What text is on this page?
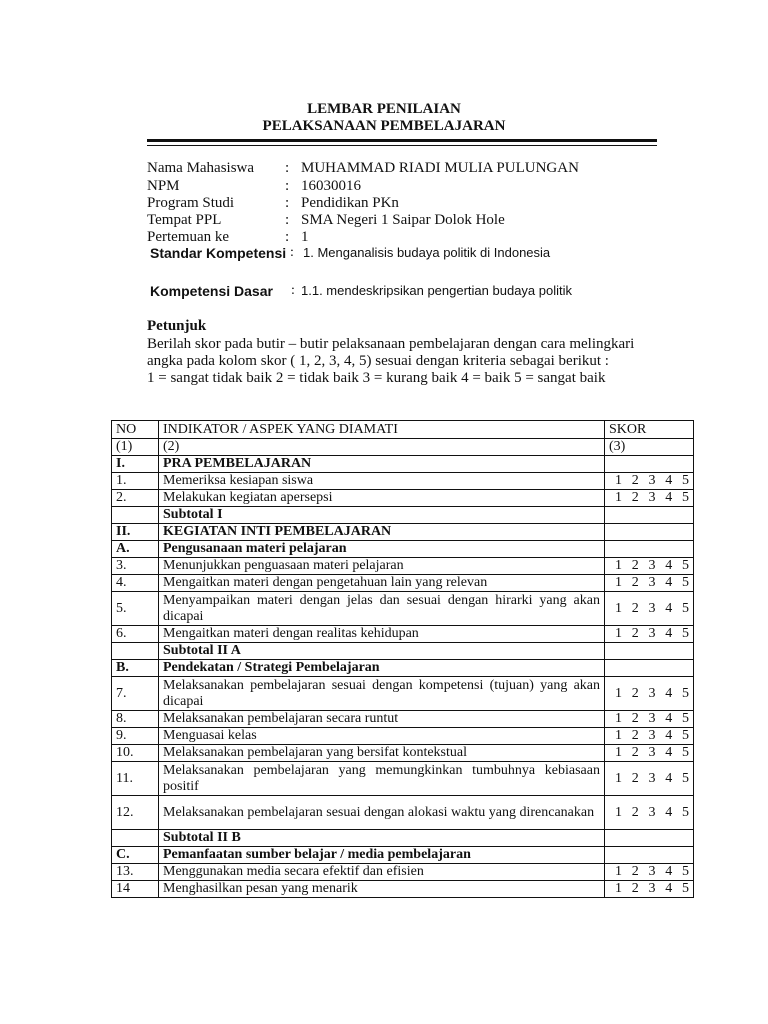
LEMBAR PENILAIAN
PELAKSANAAN PEMBELAJARAN
Nama Mahasiswa : MUHAMMAD RIADI MULIA PULUNGAN
NPM	: 16030016
Program Studi	: Pendidikan PKn
Tempat PPL	: SMA Negeri 1 Saipar Dolok Hole
Pertemuan ke	: 1
Standar Kompetensi : 1. Menganalisis budaya politik di Indonesia
Kompetensi Dasar : 1.1. mendeskripsikan pengertian budaya politik
Petunjuk
Berilah skor pada butir – butir pelaksanaan pembelajaran dengan cara melingkari
angka pada kolom skor ( 1, 2, 3, 4, 5) sesuai dengan kriteria sebagai berikut :
1 = sangat tidak baik 2 = tidak baik 3 = kurang baik 4 = baik 5 = sangat baik
NO	INDIKATOR / ASPEK YANG DIAMATI	SKOR
(1)	(2)	(3)
I.	PRA PEMBELAJARAN	
1.	Memeriksa kesiapan siswa	1 2 3 4 5

2.	Melakukan kegiatan apersepsi	1 2 3 4 5

	Subtotal I	
II.	KEGIATAN INTI PEMBELAJARAN	
A.	Pengusanaan materi pelajaran	
3.	Menunjukkan penguasaan materi pelajaran	1 2 3 4 5

4.	Mengaitkan materi dengan pengetahuan lain yang relevan	1 2 3 4 5

5.	Menyampaikan materi dengan jelas dan sesuai dengan hirarki yang akan dicapai	1 2 3 4 5

6.	Mengaitkan materi dengan realitas kehidupan	1 2 3 4 5

	Subtotal II A	
B.	Pendekatan / Strategi Pembelajaran	
7.	Melaksanakan pembelajaran sesuai dengan kompetensi (tujuan) yang akan dicapai	1 2 3 4 5

8.	Melaksanakan pembelajaran secara runtut	1 2 3 4 5

9.	Menguasai kelas	1 2 3 4 5

10.	Melaksanakan pembelajaran yang bersifat kontekstual	1 2 3 4 5

11.	Melaksanakan pembelajaran yang memungkinkan tumbuhnya kebiasaan positif	1 2 3 4 5

12.	Melaksanakan pembelajaran sesuai dengan alokasi waktu yang direncanakan	1 2 3 4 5

	Subtotal II B	
C.	Pemanfaatan sumber belajar / media pembelajaran	
13.	Menggunakan media secara efektif dan efisien	1 2 3 4 5

14	Menghasilkan pesan yang menarik	1 2 3 4 5
